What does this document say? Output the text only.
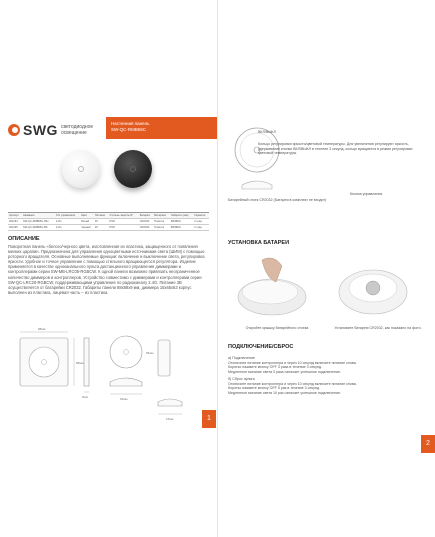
SWG светодиодное
освещение
Настенная панель
SW-QC-RMB65C
Артикул	Название	Тип управления	Цвет	Питание	Степень защиты IP	Батарея	Материал	Габариты (мм)	Гарантия
001234	SW-QC-RMB65C-WH	2.4G	Белый	3V	IP20	CR2032	Пластик	88х88х9	2 года
001235	SW-QC-RMB65C-BK	2.4G	Черный	3V	IP20	CR2032	Пластик	88х88х9	2 года
ОПИСАНИЕ
Поворотная панель «белого/черного цвета, изготовленная из пластика, защищенного от появления мелких царапин. Предназначена для управления одноцветными источниками света (ШИМ) с помощью роторного вращателя. Основные выполняемые функции: включение и выключение света, регулировка яркости. Удобное и точное управление с помощью стильного вращающегося регулятора. Изделие применяется в качестве одноканального пульта дистанционного управления диммерами и контроллерами серии SW-MB-LRC05-RGBCW. К одной панели возможно привязать неограниченное количество диммеров и контроллеров. Устройство совместимо с диммерами и контроллерами серии SW-QC-LRC20-RGBCW, поддерживающими управление по радиоканалу 2.4G. Питание 3В осуществляется от батарейки CR2032. Габариты панели 88х88х9 мм, диммера 15х65х63 корпус выполнен из пластика, лицевая часть – из пластика.
88мм
88мм
9мм
65мм
63мм
15мм	1
ВКЛ/ВЫКЛ
Кольцо регулировки яркости/цветовой температуры. Для увеличения регулируют яркость, удерживание кнопки ВКЛ/ВЫКЛ в течение 3 секунд, кольцо вращается в режим регулировки цветовой температуры.
Батарейный отсек CR2032 (Батарея в комплект не входит)
Кнопка управления
УСТАНОВКА БАТАРЕИ
Откройте крышку батарейного отсека	Установите батарею CR2032, как показано на фото.
ПОДКЛЮЧЕНИЕ/СБРОС
а) Подключение
Отключите питание контроллера и через 10 секунд включите питание снова.
Коротко нажмите кнопку OFF 3 раза в течение 3 секунд.
Медленное мигание света 3 раза означает успешное подключение.
б) Сброс пульта
Отключите питание контроллера и через 10 секунд включите питание снова.
Коротко нажмите кнопку OFF 5 раз в течение 3 секунд.
Медленное мигание света 10 раз означает успешное подключение.
2
